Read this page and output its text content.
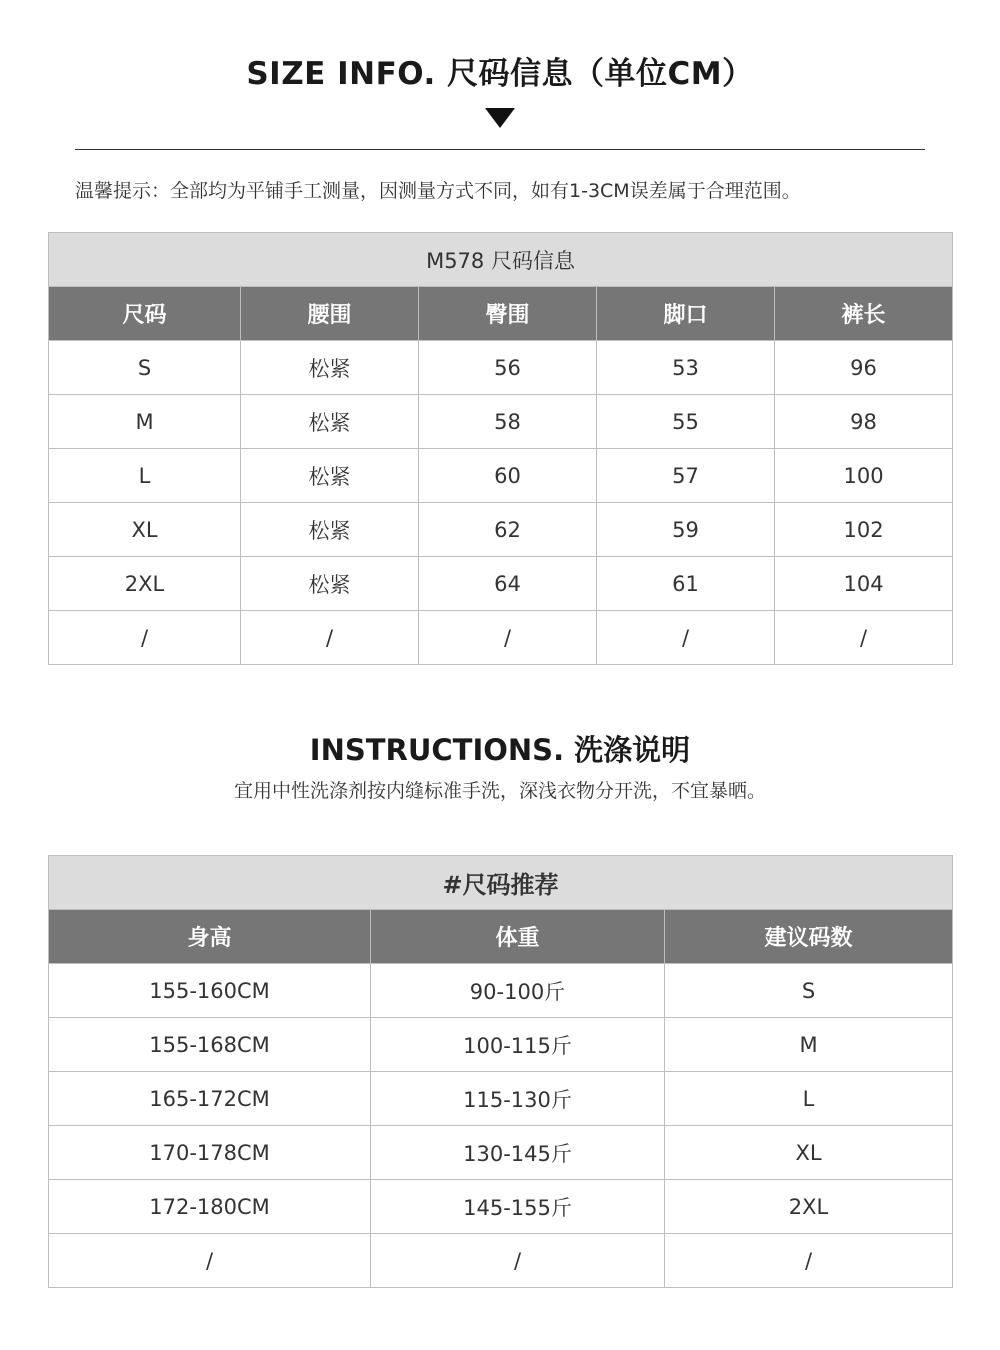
SIZE INFO. 尺码信息（单位CM）
温馨提示：全部均为平铺手工测量，因测量方式不同，如有1-3CM误差属于合理范围。
M578 尺码信息				
尺码	腰围	臀围	脚口	裤长
S	松紧	56	53	96
M	松紧	58	55	98
L	松紧	60	57	100
XL	松紧	62	59	102
2XL	松紧	64	61	104
/	/	/	/	/
INSTRUCTIONS. 洗涤说明
宜用中性洗涤剂按内缝标准手洗，深浅衣物分开洗，不宜暴晒。
#尺码推荐		
身高	体重	建议码数
155-160CM	90-100斤	S
155-168CM	100-115斤	M
165-172CM	115-130斤	L
170-178CM	130-145斤	XL
172-180CM	145-155斤	2XL
/	/	/
